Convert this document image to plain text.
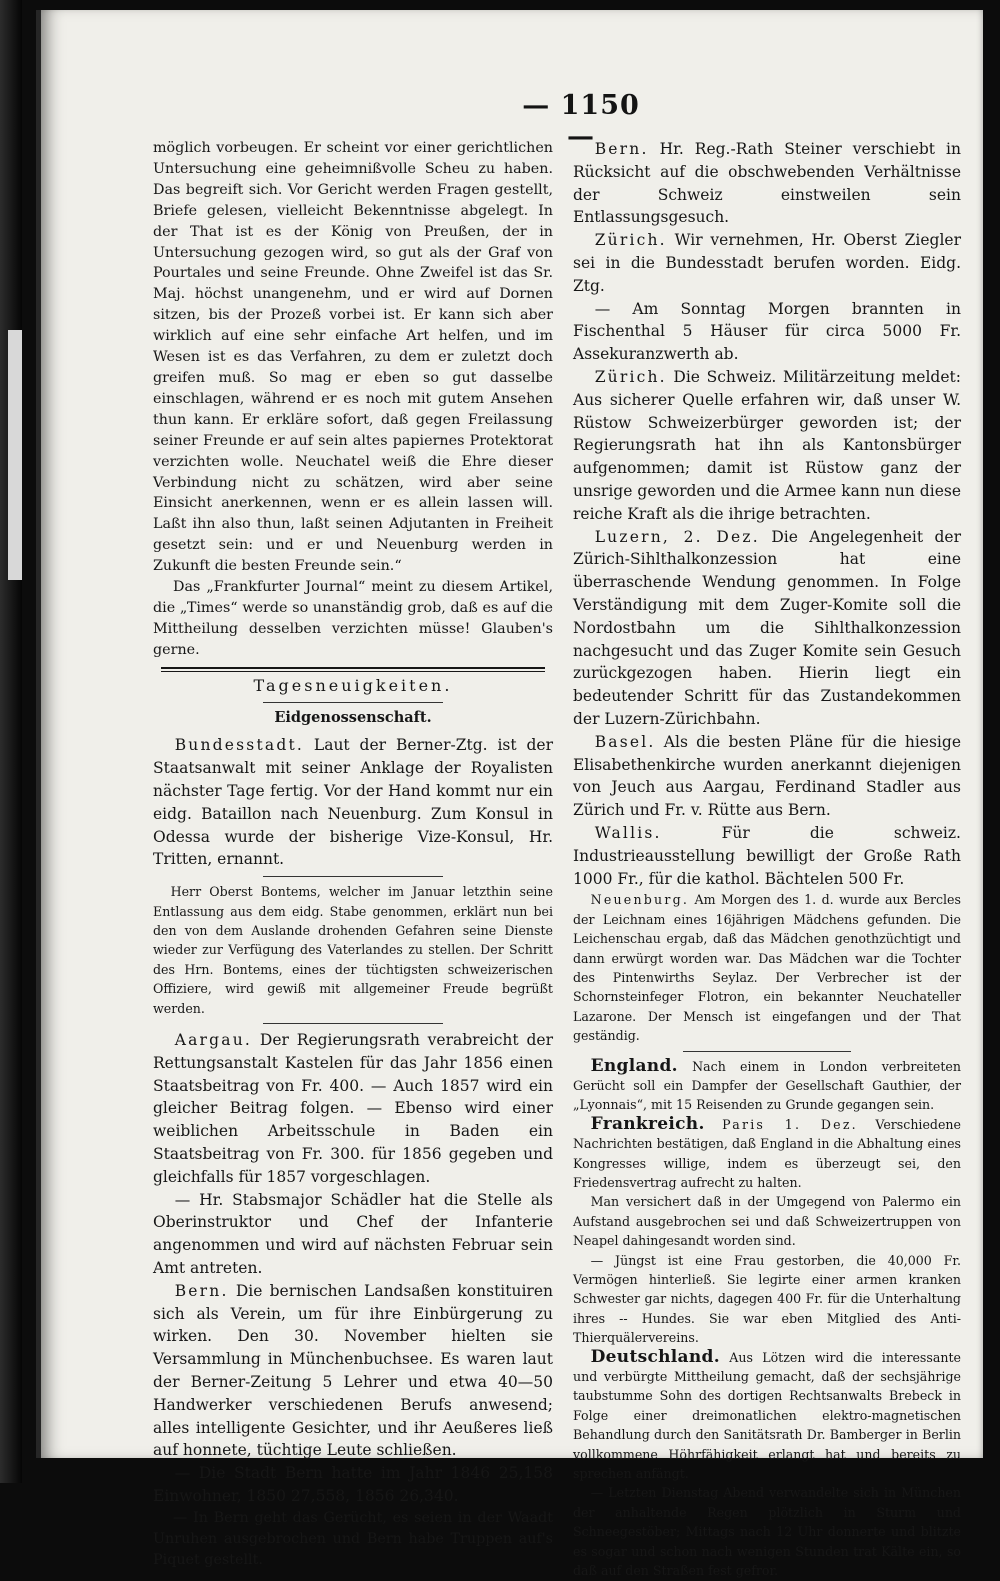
— 1150 —

möglich vorbeugen. Er scheint vor einer gerichtlichen Untersuchung eine geheimnißvolle Scheu zu haben. Das begreift sich. Vor Gericht werden Fragen gestellt, Briefe gelesen, vielleicht Bekenntnisse abgelegt. In der That ist es der König von Preußen, der in Untersuchung gezogen wird, so gut als der Graf von Pourtales und seine Freunde. Ohne Zweifel ist das Sr. Maj. höchst unangenehm, und er wird auf Dornen sitzen, bis der Prozeß vorbei ist. Er kann sich aber wirklich auf eine sehr einfache Art helfen, und im Wesen ist es das Verfahren, zu dem er zuletzt doch greifen muß. So mag er eben so gut dasselbe einschlagen, während er es noch mit gutem Ansehen thun kann. Er erkläre sofort, daß gegen Freilassung seiner Freunde er auf sein altes papiernes Protektorat verzichten wolle. Neuchatel weiß die Ehre dieser Verbindung nicht zu schätzen, wird aber seine Einsicht anerkennen, wenn er es allein lassen will. Laßt ihn also thun, laßt seinen Adjutanten in Freiheit gesetzt sein: und er und Neuenburg werden in Zukunft die besten Freunde sein.“

Das „Frankfurter Journal“ meint zu diesem Artikel, die „Times“ werde so unanständig grob, daß es auf die Mittheilung desselben verzichten müsse! Glauben's gerne.

Tagesneuigkeiten.
Eidgenossenschaft.

Bundesstadt. Laut der Berner-Ztg. ist der Staatsanwalt mit seiner Anklage der Royalisten nächster Tage fertig. Vor der Hand kommt nur ein eidg. Bataillon nach Neuenburg. Zum Konsul in Odessa wurde der bisherige Vize-Konsul, Hr. Tritten, ernannt.

Herr Oberst Bontems, welcher im Januar letzthin seine Entlassung aus dem eidg. Stabe genommen, erklärt nun bei den von dem Auslande drohenden Gefahren seine Dienste wieder zur Verfügung des Vaterlandes zu stellen. Der Schritt des Hrn. Bontems, eines der tüchtigsten schweizerischen Offiziere, wird gewiß mit allgemeiner Freude begrüßt werden.

Aargau. Der Regierungsrath verabreicht der Rettungsanstalt Kastelen für das Jahr 1856 einen Staatsbeitrag von Fr. 400. — Auch 1857 wird ein gleicher Beitrag folgen. — Ebenso wird einer weiblichen Arbeitsschule in Baden ein Staatsbeitrag von Fr. 300. für 1856 gegeben und gleichfalls für 1857 vorgeschlagen.

— Hr. Stabsmajor Schädler hat die Stelle als Oberinstruktor und Chef der Infanterie angenommen und wird auf nächsten Februar sein Amt antreten.

Bern. Die bernischen Landsaßen konstituiren sich als Verein, um für ihre Einbürgerung zu wirken. Den 30. November hielten sie Versammlung in Münchenbuchsee. Es waren laut der Berner-Zeitung 5 Lehrer und etwa 40—50 Handwerker verschiedenen Berufs anwesend; alles intelligente Gesichter, und ihr Aeußeres ließ auf honnete, tüchtige Leute schließen.

— Die Stadt Bern hatte im Jahr 1846 25,158 Einwohner, 1850 27,558, 1856 26,340.

— In Bern geht das Gerücht, es seien in der Waadt Unruhen ausgebrochen und Bern habe Truppen auf's Piquet gestellt.

Bern. Hr. Reg.-Rath Steiner verschiebt in Rücksicht auf die obschwebenden Verhältnisse der Schweiz einstweilen sein Entlassungsgesuch.

Zürich. Wir vernehmen, Hr. Oberst Ziegler sei in die Bundesstadt berufen worden. Eidg. Ztg.

— Am Sonntag Morgen brannten in Fischenthal 5 Häuser für circa 5000 Fr. Assekuranzwerth ab.

Zürich. Die Schweiz. Militärzeitung meldet: Aus sicherer Quelle erfahren wir, daß unser W. Rüstow Schweizerbürger geworden ist; der Regierungsrath hat ihn als Kantonsbürger aufgenommen; damit ist Rüstow ganz der unsrige geworden und die Armee kann nun diese reiche Kraft als die ihrige betrachten.

Luzern, 2. Dez. Die Angelegenheit der Zürich-Sihlthalkonzession hat eine überraschende Wendung genommen. In Folge Verständigung mit dem Zuger-Komite soll die Nordostbahn um die Sihlthalkonzession nachgesucht und das Zuger Komite sein Gesuch zurückgezogen haben. Hierin liegt ein bedeutender Schritt für das Zustandekommen der Luzern-Zürichbahn.

Basel. Als die besten Pläne für die hiesige Elisabethenkirche wurden anerkannt diejenigen von Jeuch aus Aargau, Ferdinand Stadler aus Zürich und Fr. v. Rütte aus Bern.

Wallis.	Für die schweiz. Industrieausstellung bewilligt der Große Rath 1000 Fr., für die kathol. Bächtelen 500 Fr.

Neuenburg. Am Morgen des 1. d. wurde aux Bercles der Leichnam eines 16jährigen Mädchens gefunden. Die Leichenschau ergab, daß das Mädchen genothzüchtigt und dann erwürgt worden war. Das Mädchen war die Tochter des Pintenwirths Seylaz. Der Verbrecher ist der Schornsteinfeger Flotron, ein bekannter Neuchateller Lazarone. Der Mensch ist eingefangen und der That geständig.

England. Nach einem in London verbreiteten Gerücht soll ein Dampfer der Gesellschaft Gauthier, der „Lyonnais“, mit 15 Reisenden zu Grunde gegangen sein.

Frankreich. Paris 1. Dez. Verschiedene Nachrichten bestätigen, daß England in die Abhaltung eines Kongresses willige, indem es überzeugt sei, den Friedensvertrag aufrecht zu halten.

Man versichert daß in der Umgegend von Palermo ein Aufstand ausgebrochen sei und daß Schweizertruppen von Neapel dahingesandt worden sind.

— Jüngst ist eine Frau gestorben, die 40,000 Fr. Vermögen hinterließ. Sie legirte einer armen kranken Schwester gar nichts, dagegen 400 Fr. für die Unterhaltung ihres -- Hundes. Sie war eben Mitglied des Anti-Thierquälervereins.

Deutschland. Aus Lötzen wird die interessante und verbürgte Mittheilung gemacht, daß der sechsjährige taubstumme Sohn des dortigen Rechtsanwalts Brebeck in Folge einer dreimonatlichen elektro-magnetischen Behandlung durch den Sanitätsrath Dr. Bamberger in Berlin vollkommene Höhrfähigkeit erlangt hat und bereits zu sprechen anfängt.

— Letzten Dienstag Abend verwandelte sich in München der anhaltende Regen plötzlich in Sturm und Schneegestöber; Mittags nach 12 Uhr donnerte und blitzte es sogar und schon nach wenigen Stunden trat Kälte ein, so daß auf den Straßen fest gefror.
